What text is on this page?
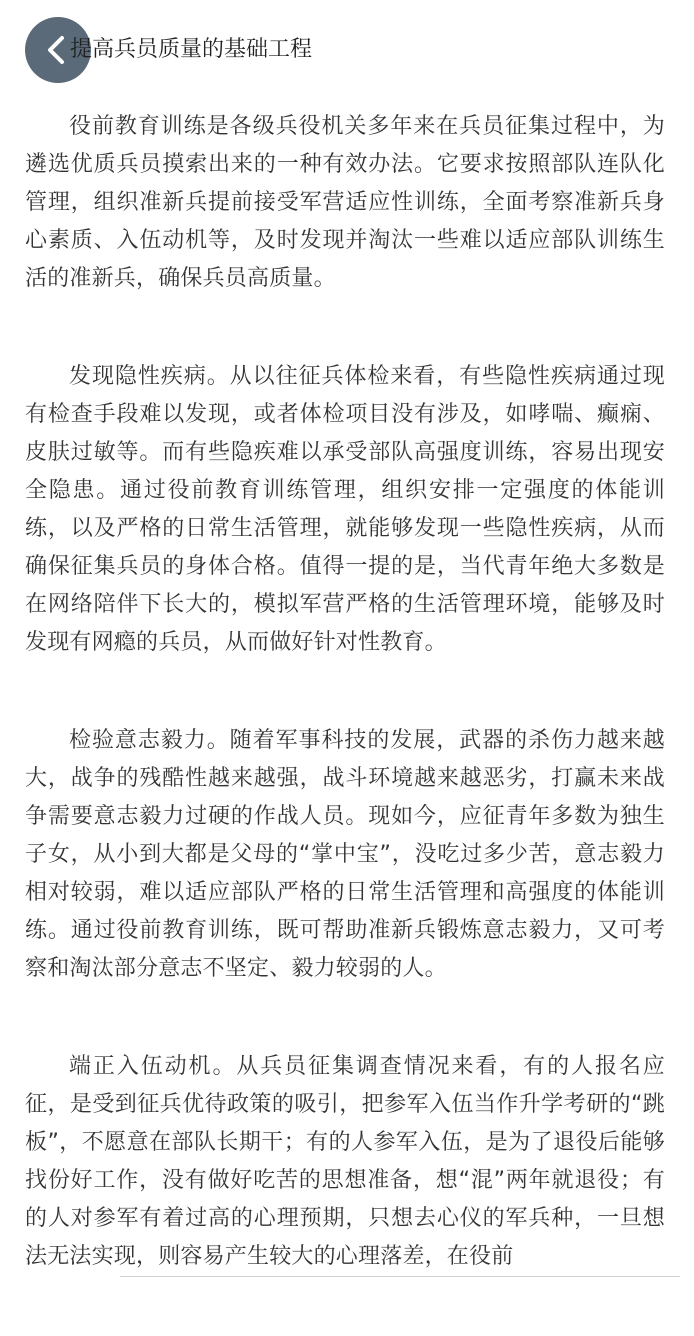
提高兵员质量的基础工程

役前教育训练是各级兵役机关多年来在兵员征集过程中，为遴选优质兵员摸索出来的一种有效办法。它要求按照部队连队化管理，组织准新兵提前接受军营适应性训练，全面考察准新兵身心素质、入伍动机等，及时发现并淘汰一些难以适应部队训练生活的准新兵，确保兵员高质量。

发现隐性疾病。从以往征兵体检来看，有些隐性疾病通过现有检查手段难以发现，或者体检项目没有涉及，如哮喘、癫痫、皮肤过敏等。而有些隐疾难以承受部队高强度训练，容易出现安全隐患。通过役前教育训练管理，组织安排一定强度的体能训练，以及严格的日常生活管理，就能够发现一些隐性疾病，从而确保征集兵员的身体合格。值得一提的是，当代青年绝大多数是在网络陪伴下长大的，模拟军营严格的生活管理环境，能够及时发现有网瘾的兵员，从而做好针对性教育。

检验意志毅力。随着军事科技的发展，武器的杀伤力越来越大，战争的残酷性越来越强，战斗环境越来越恶劣，打赢未来战争需要意志毅力过硬的作战人员。现如今，应征青年多数为独生子女，从小到大都是父母的“掌中宝”，没吃过多少苦，意志毅力相对较弱，难以适应部队严格的日常生活管理和高强度的体能训练。通过役前教育训练，既可帮助准新兵锻炼意志毅力，又可考察和淘汰部分意志不坚定、毅力较弱的人。

端正入伍动机。从兵员征集调查情况来看，有的人报名应征，是受到征兵优待政策的吸引，把参军入伍当作升学考研的“跳板”，不愿意在部队长期干；有的人参军入伍，是为了退役后能够找份好工作，没有做好吃苦的思想准备，想“混”两年就退役；有的人对参军有着过高的心理预期，只想去心仪的军兵种，一旦想法无法实现，则容易产生较大的心理落差，在役前
